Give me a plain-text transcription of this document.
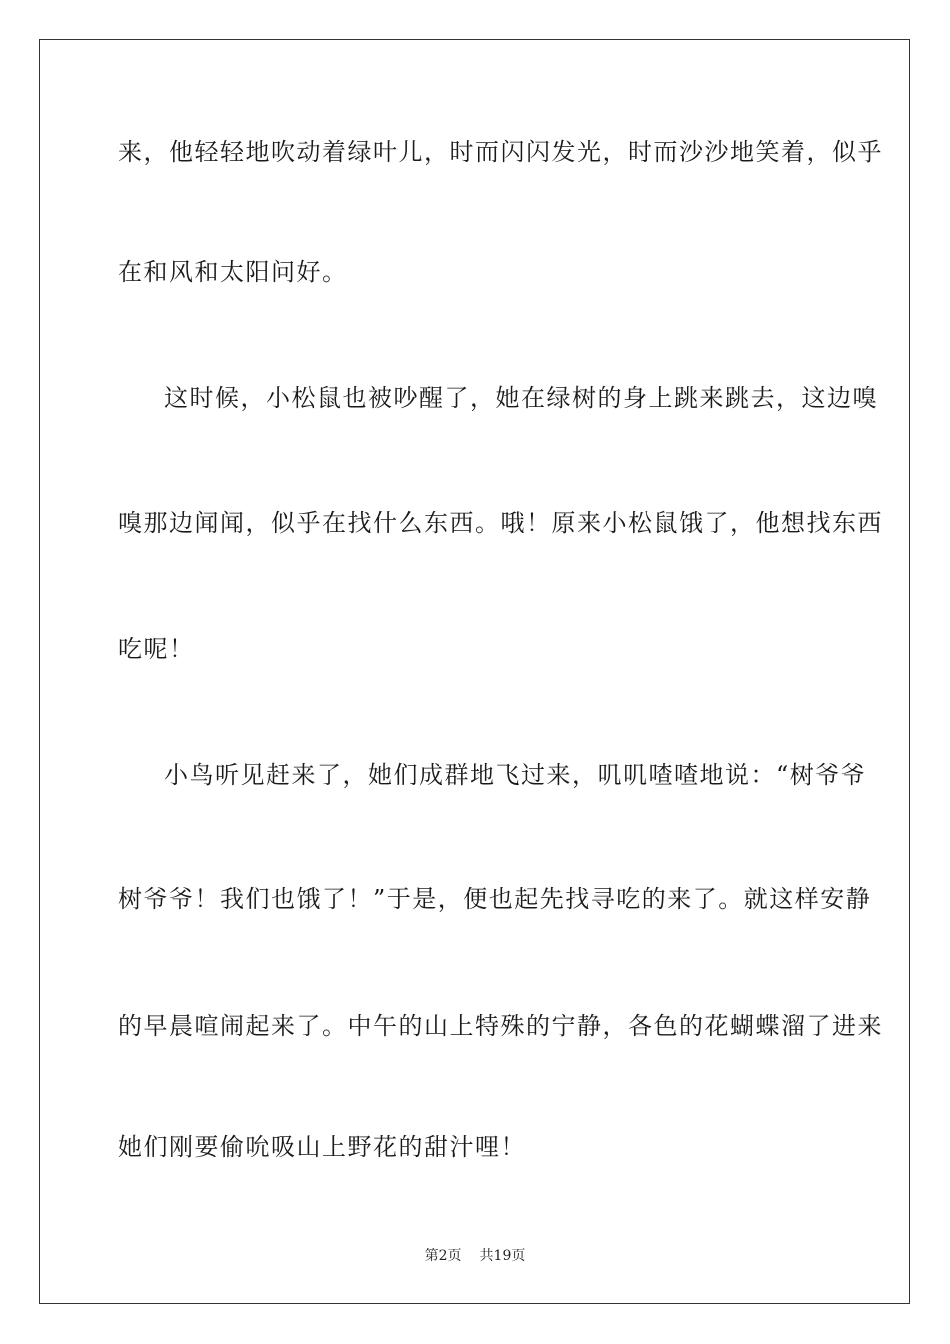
来，他轻轻地吹动着绿叶儿，时而闪闪发光，时而沙沙地笑着，似乎
在和风和太阳问好。
这时候，小松鼠也被吵醒了，她在绿树的身上跳来跳去，这边嗅
嗅那边闻闻，似乎在找什么东西。哦！原来小松鼠饿了，他想找东西
吃呢！
小鸟听见赶来了，她们成群地飞过来，叽叽喳喳地说：“树爷爷
树爷爷！我们也饿了！”于是，便也起先找寻吃的来了。就这样安静
的早晨喧闹起来了。中午的山上特殊的宁静，各色的花蝴蝶溜了进来
她们刚要偷吮吸山上野花的甜汁哩！
第2页 共19页
